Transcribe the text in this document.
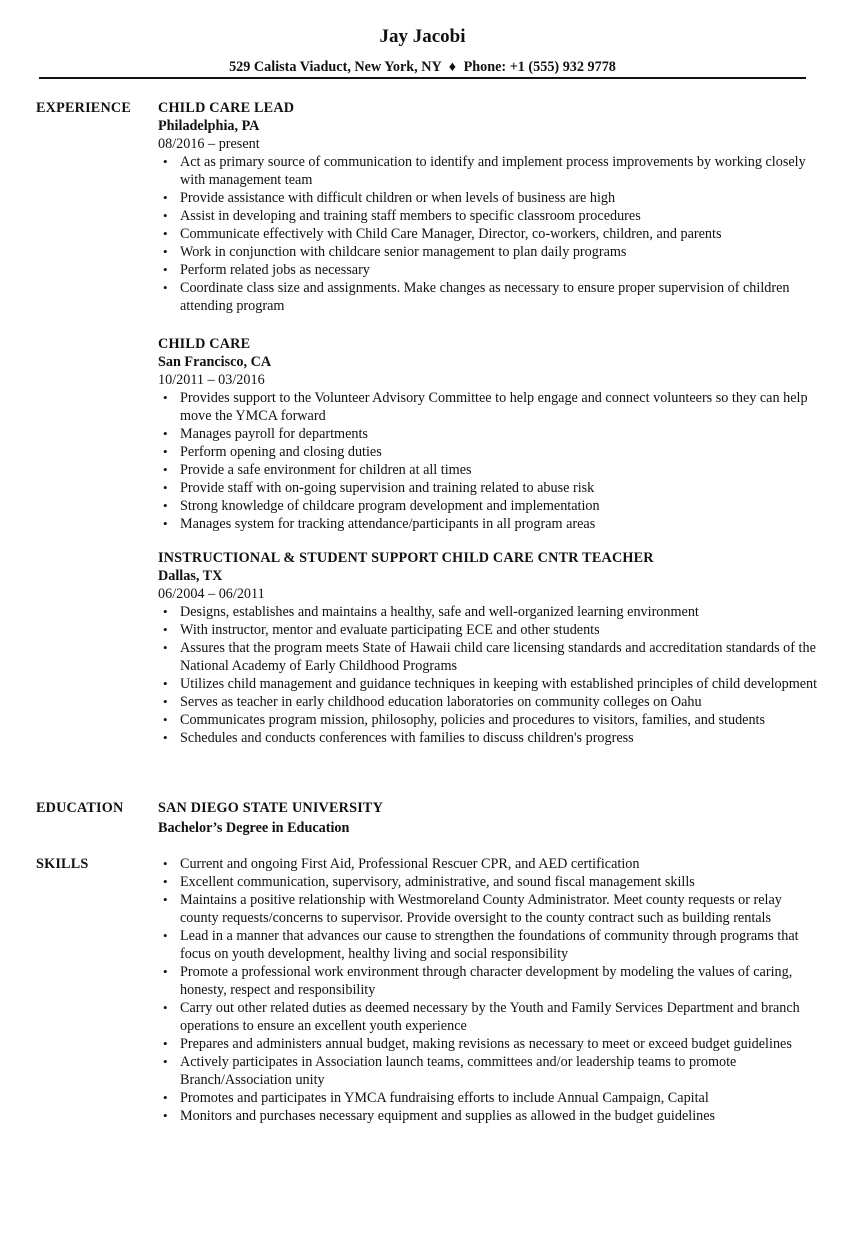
Jay Jacobi
529 Calista Viaduct, New York, NY ♦ Phone: +1 (555) 932 9778
EXPERIENCE CHILD CARE LEAD
Philadelphia, PA
08/2016 – present
• Act as primary source of communication to identify and implement process improvements by working closely with management team
• Provide assistance with difficult children or when levels of business are high
• Assist in developing and training staff members to specific classroom procedures
• Communicate effectively with Child Care Manager, Director, co-workers, children, and parents
• Work in conjunction with childcare senior management to plan daily programs
• Perform related jobs as necessary
• Coordinate class size and assignments. Make changes as necessary to ensure proper supervision of children attending program
CHILD CARE
San Francisco, CA
10/2011 – 03/2016
• Provides support to the Volunteer Advisory Committee to help engage and connect volunteers so they can help move the YMCA forward
• Manages payroll for departments
• Perform opening and closing duties
• Provide a safe environment for children at all times
• Provide staff with on-going supervision and training related to abuse risk
• Strong knowledge of childcare program development and implementation
• Manages system for tracking attendance/participants in all program areas
INSTRUCTIONAL & STUDENT SUPPORT CHILD CARE CNTR TEACHER
Dallas, TX
06/2004 – 06/2011
• Designs, establishes and maintains a healthy, safe and well-organized learning environment
• With instructor, mentor and evaluate participating ECE and other students
• Assures that the program meets State of Hawaii child care licensing standards and accreditation standards of the National Academy of Early Childhood Programs
• Utilizes child management and guidance techniques in keeping with established principles of child development
• Serves as teacher in early childhood education laboratories on community colleges on Oahu
• Communicates program mission, philosophy, policies and procedures to visitors, families, and students
• Schedules and conducts conferences with families to discuss children's progress
EDUCATION SAN DIEGO STATE UNIVERSITY
Bachelor’s Degree in Education
SKILLS	• Current and ongoing First Aid, Professional Rescuer CPR, and AED certification
• Excellent communication, supervisory, administrative, and sound fiscal management skills
• Maintains a positive relationship with Westmoreland County Administrator. Meet county requests or relay county requests/concerns to supervisor. Provide oversight to the county contract such as building rentals
• Lead in a manner that advances our cause to strengthen the foundations of community through programs that focus on youth development, healthy living and social responsibility
• Promote a professional work environment through character development by modeling the values of caring, honesty, respect and responsibility
• Carry out other related duties as deemed necessary by the Youth and Family Services Department and branch operations to ensure an excellent youth experience
• Prepares and administers annual budget, making revisions as necessary to meet or exceed budget guidelines
• Actively participates in Association launch teams, committees and/or leadership teams to promote Branch/Association unity
• Promotes and participates in YMCA fundraising efforts to include Annual Campaign, Capital
• Monitors and purchases necessary equipment and supplies as allowed in the budget guidelines
